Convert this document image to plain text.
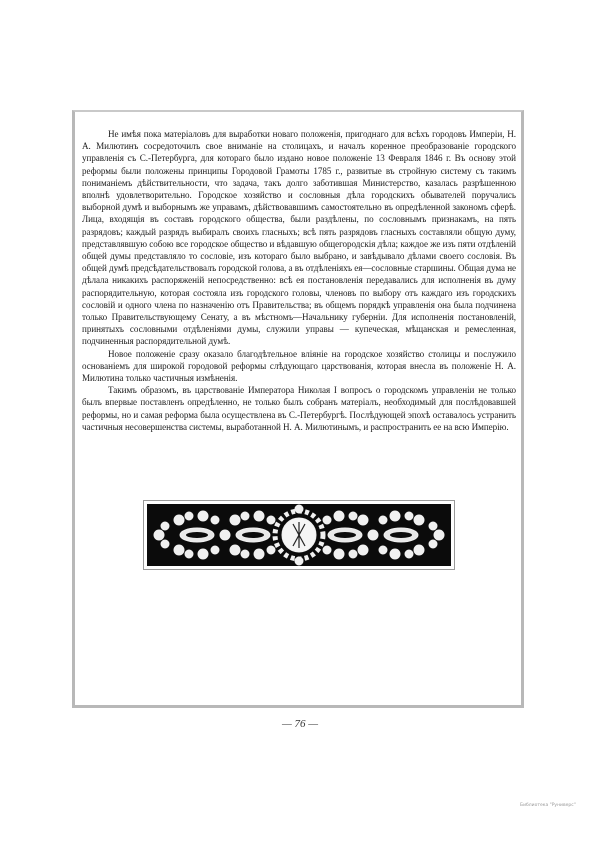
Не имѣя пока матеріаловъ для выработки новаго положенія, пригоднаго для всѣхъ городовъ Имперіи, Н. А. Милютинъ сосредоточилъ свое вниманіе на столицахъ, и началъ коренное преобразованіе городского управленія съ С.-Петербурга, для котораго было издано новое положеніе 13 Февраля 1846 г. Въ основу этой реформы были положены принципы Городовой Грамоты 1785 г., развитые въ стройную систему съ такимъ пониманіемъ дѣйствительности, что задача, такъ долго заботившая Министерство, казалась разрѣшенною вполнѣ удовлетворительно. Городское хозяйство и сословныя дѣла городскихъ обывателей поручались выборной думѣ и выборнымъ же управамъ, дѣйствовавшимъ самостоятельно въ опредѣленной закономъ сферѣ. Лица, входящія въ составъ городского общества, были раздѣлены, по сословнымъ признакамъ, на пять разрядовъ; каждый разрядъ выбиралъ своихъ гласныхъ; всѣ пять разрядовъ гласныхъ составляли общую думу, представлявшую собою все городское общество и вѣдавшую общегородскія дѣла; каждое же изъ пяти отдѣленій общей думы представляло то сословіе, изъ котораго было выбрано, и завѣдывало дѣлами своего сословія. Въ общей думѣ предсѣдательствовалъ городской голова, а въ отдѣленіяхъ ея—сословные старшины. Общая дума не дѣлала никакихъ распоряженій непосредственно: всѣ ея постановленія передавались для исполненія въ думу распорядительную, которая состояла изъ городского головы, членовъ по выбору отъ каждаго изъ городскихъ сословій и одного члена по назначенію отъ Правительства; въ общемъ порядкѣ управленія она была подчинена только Правительствующему Сенату, а въ мѣстномъ—Начальнику губерніи. Для исполненія постановленій, принятыхъ сословными отдѣленіями думы, служили управы — купеческая, мѣщанская и ремесленная, подчиненныя распорядительной думѣ.

Новое положеніе сразу оказало благодѣтельное вліяніе на городское хозяйство столицы и послужило основаніемъ для широкой городовой реформы слѣдующаго царствованія, которая внесла въ положеніе Н. А. Милютина только частичныя измѣненія.

Такимъ образомъ, въ царствованіе Императора Николая I вопросъ о городскомъ управленіи не только былъ впервые поставленъ опредѣленно, не только былъ собранъ матеріалъ, необходимый для послѣдовавшей реформы, но и самая реформа была осуществлена въ С.-Петербургѣ. Послѣдующей эпохѣ оставалось устранить частичныя несовершенства системы, выработанной Н. А. Милютинымъ, и распространить ее на всю Имперію.

— 76 —
Библиотека "Руниверс"
